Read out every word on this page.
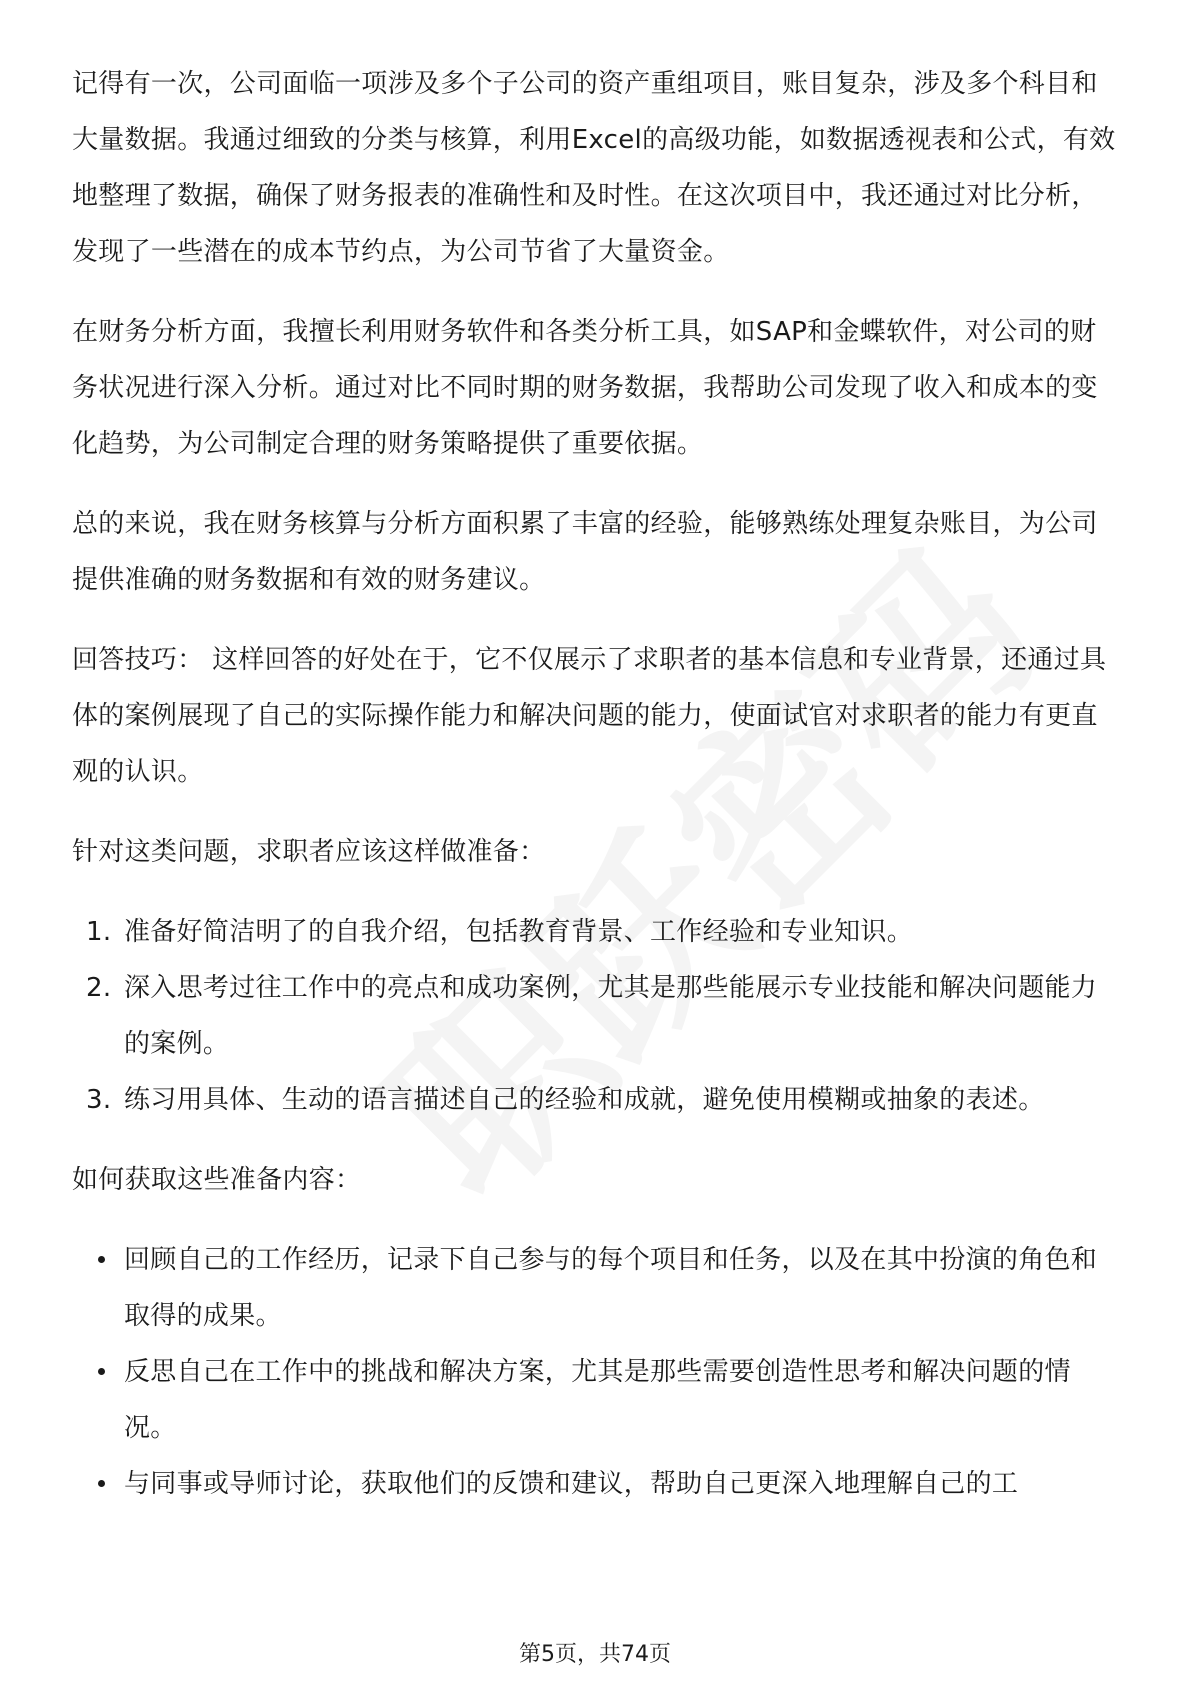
记得有一次，公司面临一项涉及多个子公司的资产重组项目，账目复杂，涉及多个科目和大量数据。我通过细致的分类与核算，利用Excel的高级功能，如数据透视表和公式，有效地整理了数据，确保了财务报表的准确性和及时性。在这次项目中，我还通过对比分析，发现了一些潜在的成本节约点，为公司节省了大量资金。

在财务分析方面，我擅长利用财务软件和各类分析工具，如SAP和金蝶软件，对公司的财务状况进行深入分析。通过对比不同时期的财务数据，我帮助公司发现了收入和成本的变化趋势，为公司制定合理的财务策略提供了重要依据。

总的来说，我在财务核算与分析方面积累了丰富的经验，能够熟练处理复杂账目，为公司提供准确的财务数据和有效的财务建议。

回答技巧： 这样回答的好处在于，它不仅展示了求职者的基本信息和专业背景，还通过具体的案例展现了自己的实际操作能力和解决问题的能力，使面试官对求职者的能力有更直观的认识。

针对这类问题，求职者应该这样做准备：

1. 准备好简洁明了的自我介绍，包括教育背景、工作经验和专业知识。
2. 深入思考过往工作中的亮点和成功案例，尤其是那些能展示专业技能和解决问题能力的案例。
3. 练习用具体、生动的语言描述自己的经验和成就，避免使用模糊或抽象的表述。

如何获取这些准备内容：

回顾自己的工作经历，记录下自己参与的每个项目和任务，以及在其中扮演的角色和取得的成果。
反思自己在工作中的挑战和解决方案，尤其是那些需要创造性思考和解决问题的情况。
与同事或导师讨论，获取他们的反馈和建议，帮助自己更深入地理解自己的工
第5页，共74页
